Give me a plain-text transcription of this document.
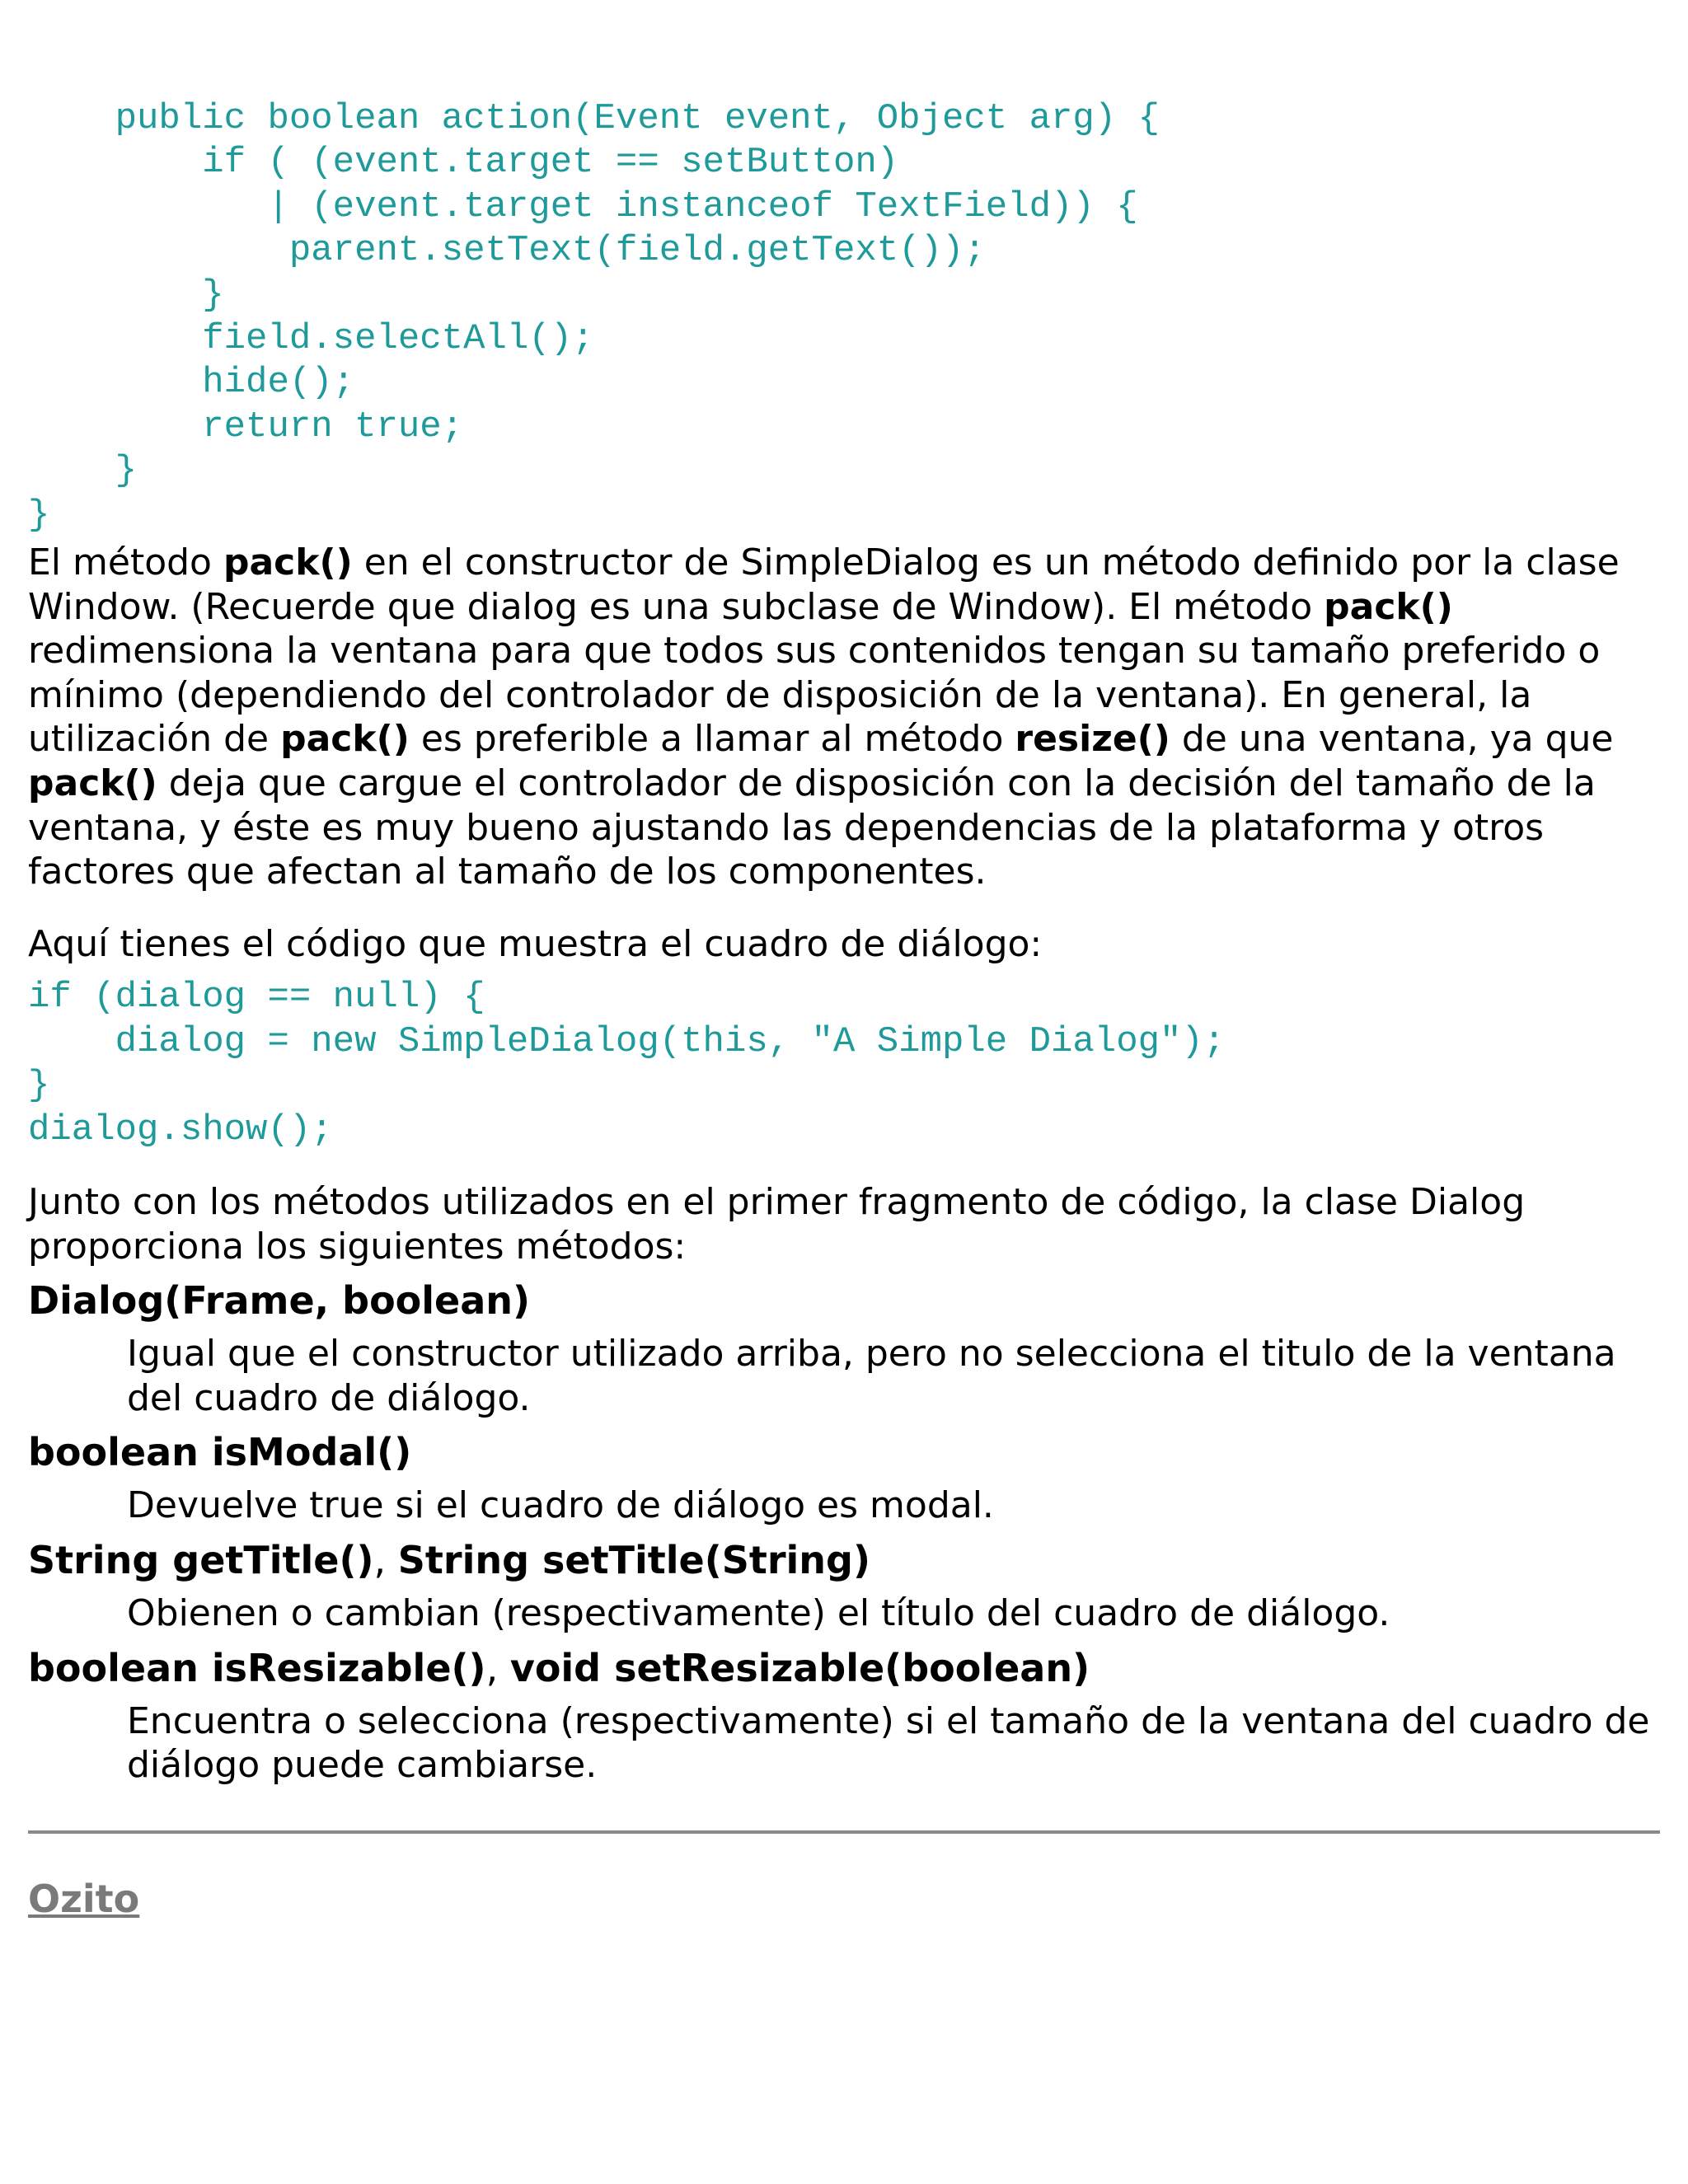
public boolean action(Event event, Object arg) {
if ( (event.target == setButton)
| (event.target instanceof TextField)) {
parent.setText(field.getText());
}
field.selectAll();
hide();
return true;
}
}

El método pack() en el constructor de SimpleDialog es un método definido por la clase Window. (Recuerde que dialog es una subclase de Window). El método pack() redimensiona la ventana para que todos sus contenidos tengan su tamaño preferido o mínimo (dependiendo del controlador de disposición de la ventana). En general, la utilización de pack() es preferible a llamar al método resize() de una ventana, ya que pack() deja que cargue el controlador de disposición con la decisión del tamaño de la ventana, y éste es muy bueno ajustando las dependencias de la plataforma y otros factores que afectan al tamaño de los componentes.

Aquí tienes el código que muestra el cuadro de diálogo:

if (dialog == null) {
dialog = new SimpleDialog(this, "A Simple Dialog");
}
dialog.show();

Junto con los métodos utilizados en el primer fragmento de código, la clase Dialog proporciona los siguientes métodos:

Dialog(Frame, boolean)
Igual que el constructor utilizado arriba, pero no selecciona el titulo de la ventana del cuadro de diálogo.
boolean isModal()
Devuelve true si el cuadro de diálogo es modal.
String getTitle(), String setTitle(String)
Obienen o cambian (respectivamente) el título del cuadro de diálogo.
boolean isResizable(), void setResizable(boolean)
Encuentra o selecciona (respectivamente) si el tamaño de la ventana del cuadro de diálogo puede cambiarse.
Ozito
